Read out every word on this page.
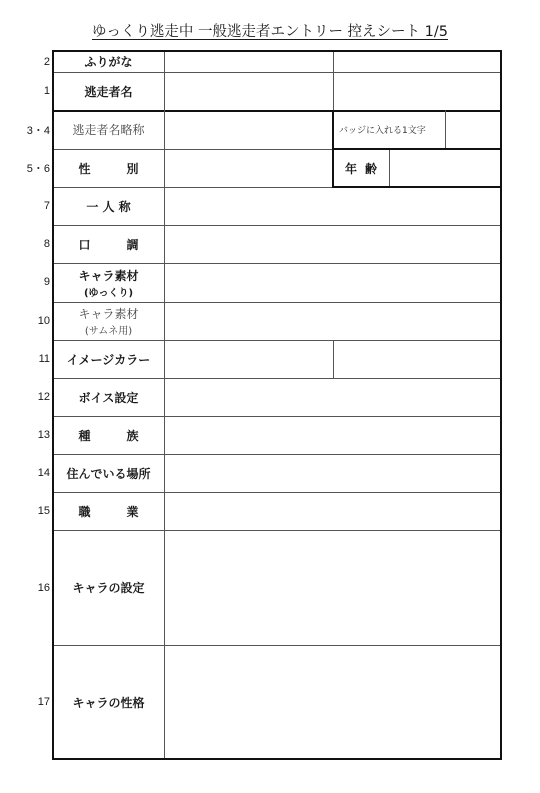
ゆっくり逃走中 一般逃走者エントリー 控えシート 1/5
2
1
3・4
5・6
7
8
9
10
11
12
13
14
15
16
17
ふりがな
逃走者名
逃走者名略称
性　別
一 人 称
口　調
キャラ素材
(ゆっくり)
キャラ素材
(サムネ用)
イメージカラー
ボイス設定
種　族
住んでいる場所
職　業
キャラの設定
キャラの性格
バッジに入れる1文字
年齢
